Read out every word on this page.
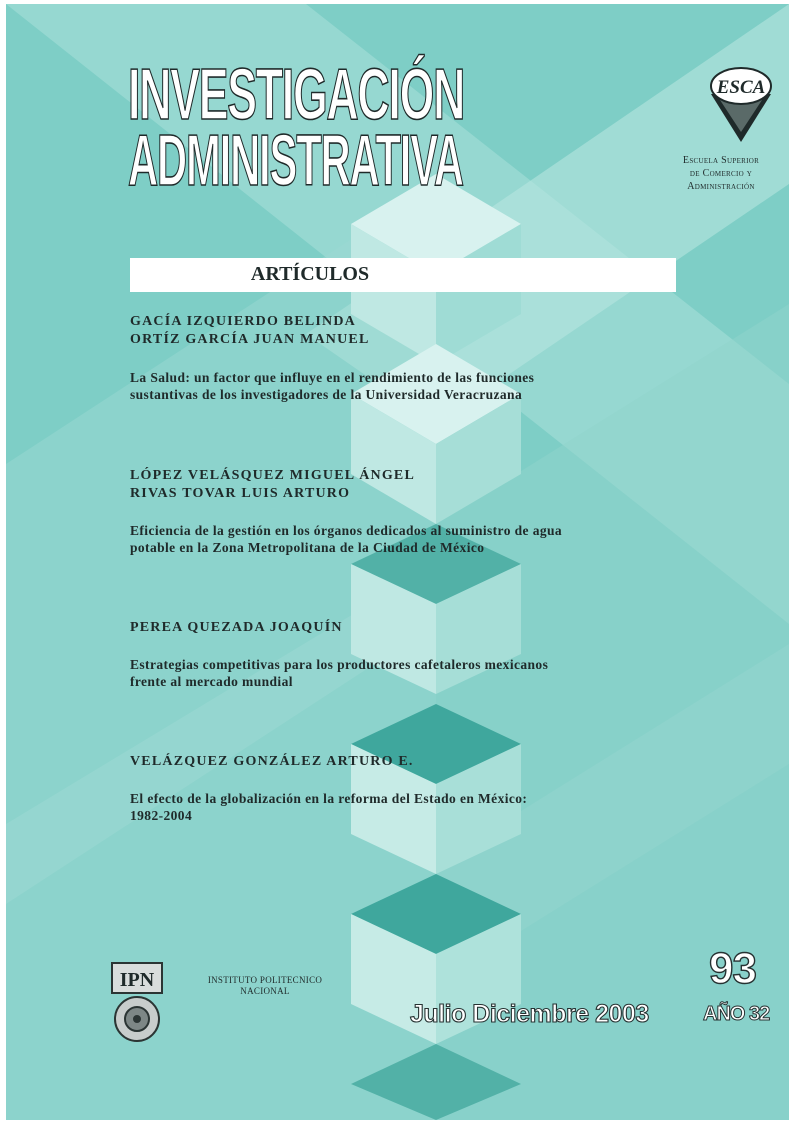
INVESTIGACIÓN
ADMINISTRATIVA
ESCA
Escuela Superior
de Comercio y
Administración
ARTÍCULOS
GACÍA IZQUIERDO BELINDA
ORTÍZ GARCÍA JUAN MANUEL
La Salud: un factor que influye en el rendimiento de las funciones
sustantivas de los investigadores de la Universidad Veracruzana
LÓPEZ VELÁSQUEZ MIGUEL ÁNGEL
RIVAS TOVAR LUIS ARTURO
Eficiencia de la gestión en los órganos dedicados al suministro de agua
potable en la Zona Metropolitana de la Ciudad de México
PEREA QUEZADA JOAQUÍN
Estrategias competitivas para los productores cafetaleros mexicanos
frente al mercado mundial
VELÁZQUEZ GONZÁLEZ ARTURO E.
El efecto de la globalización en la reforma del Estado en México:
1982-2004
IPN	INSTITUTO POLITECNICO
NACIONAL	93
Julio Diciembre 2003	AÑO 32
